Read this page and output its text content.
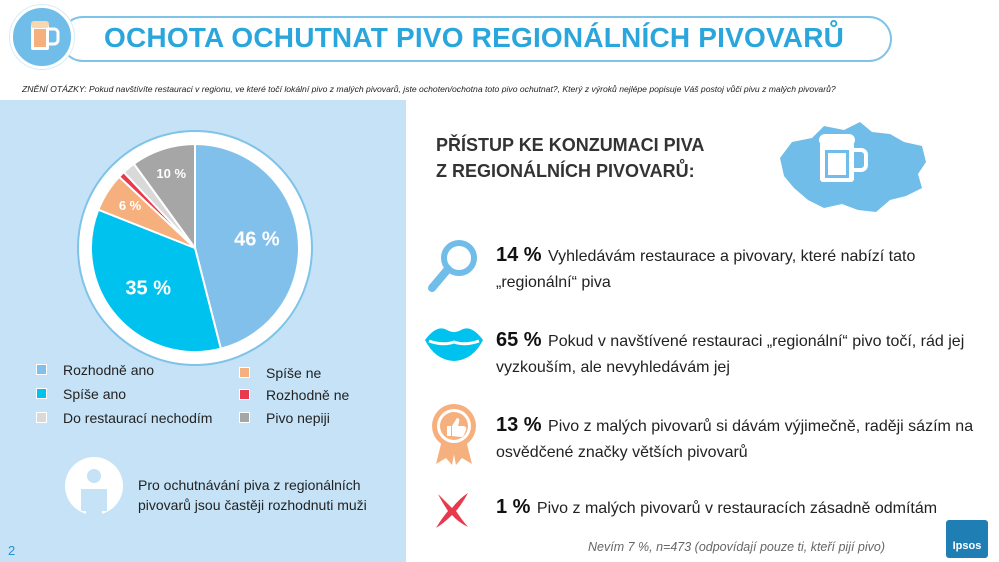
OCHOTA OCHUTNAT PIVO REGIONÁLNÍCH PIVOVARŮ
ZNĚNÍ OTÁZKY: Pokud navštívíte restauraci v regionu, ve které točí lokální pivo z malých pivovarů, jste ochoten/ochotna toto pivo ochutnat?, Který z výroků nejlépe popisuje Váš postoj vůči pivu z malých pivovarů?
46 %
35 %
6 %
10 %
Rozhodně ano
Spíše ano
Do restaurací nechodím
Spíše ne
Rozhodně ne
Pivo nepiji
Pro ochutnávání piva z regionálních pivovarů jsou častěji rozhodnuti muži
2
PŘÍSTUP KE KONZUMACI PIVA
Z REGIONÁLNÍCH PIVOVARŮ:
14 % Vyhledávám restaurace a pivovary, které nabízí tato „regionální“ piva
65 % Pokud v navštívené restauraci „regionální“ pivo točí, rád jej vyzkouším, ale nevyhledávám jej
13 % Pivo z malých pivovarů si dávám výjimečně, raději sázím na osvědčené značky větších pivovarů
1 % Pivo z malých pivovarů v restauracích zásadně odmítám
Nevím 7 %, n=473 (odpovídají pouze ti, kteří pijí pivo)	Ipsos
